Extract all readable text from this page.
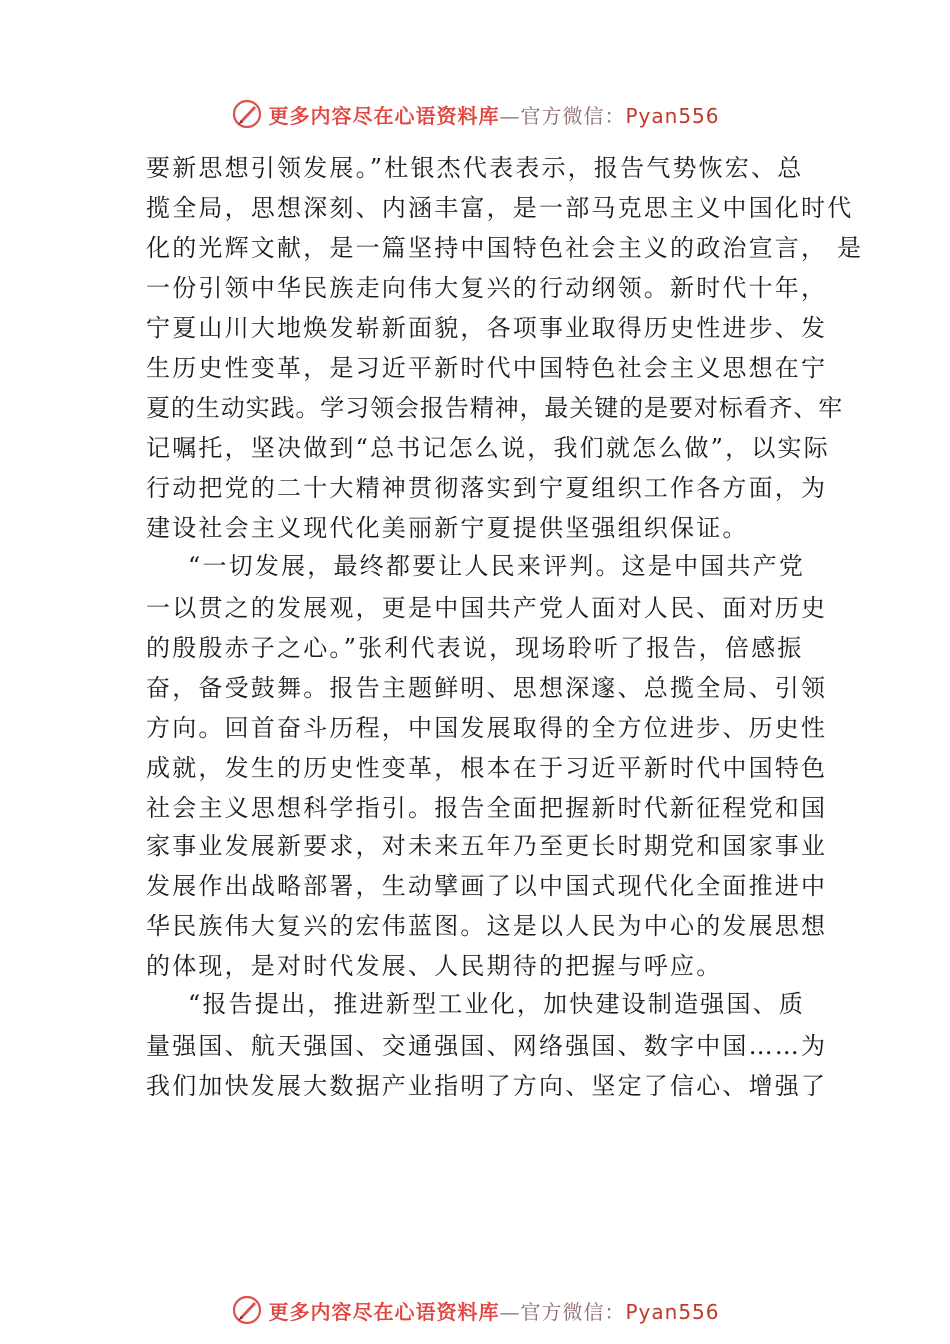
更多内容尽在心语资料库—官方微信：Pyan556
要新思想引领发展。”杜银杰代表表示，报告气势恢宏、总
揽全局，思想深刻、内涵丰富，是一部马克思主义中国化时代
化的光辉文献，是一篇坚持中国特色社会主义的政治宣言， 是
一份引领中华民族走向伟大复兴的行动纲领。新时代十年，
宁夏山川大地焕发崭新面貌，各项事业取得历史性进步、发
生历史性变革，是习近平新时代中国特色社会主义思想在宁
夏的生动实践。学习领会报告精神，最关键的是要对标看齐、牢
记嘱托，坚决做到“总书记怎么说，我们就怎么做”，以实际
行动把党的二十大精神贯彻落实到宁夏组织工作各方面，为
建设社会主义现代化美丽新宁夏提供坚强组织保证。
“一切发展，最终都要让人民来评判。这是中国共产党
一以贯之的发展观，更是中国共产党人面对人民、面对历史
的殷殷赤子之心。”张利代表说，现场聆听了报告，倍感振
奋，备受鼓舞。报告主题鲜明、思想深邃、总揽全局、引领
方向。回首奋斗历程，中国发展取得的全方位进步、历史性
成就，发生的历史性变革，根本在于习近平新时代中国特色
社会主义思想科学指引。报告全面把握新时代新征程党和国
家事业发展新要求，对未来五年乃至更长时期党和国家事业
发展作出战略部署，生动擘画了以中国式现代化全面推进中
华民族伟大复兴的宏伟蓝图。这是以人民为中心的发展思想
的体现，是对时代发展、人民期待的把握与呼应。
“报告提出，推进新型工业化，加快建设制造强国、质
量强国、航天强国、交通强国、网络强国、数字中国……为
我们加快发展大数据产业指明了方向、坚定了信心、增强了
更多内容尽在心语资料库—官方微信：Pyan556
